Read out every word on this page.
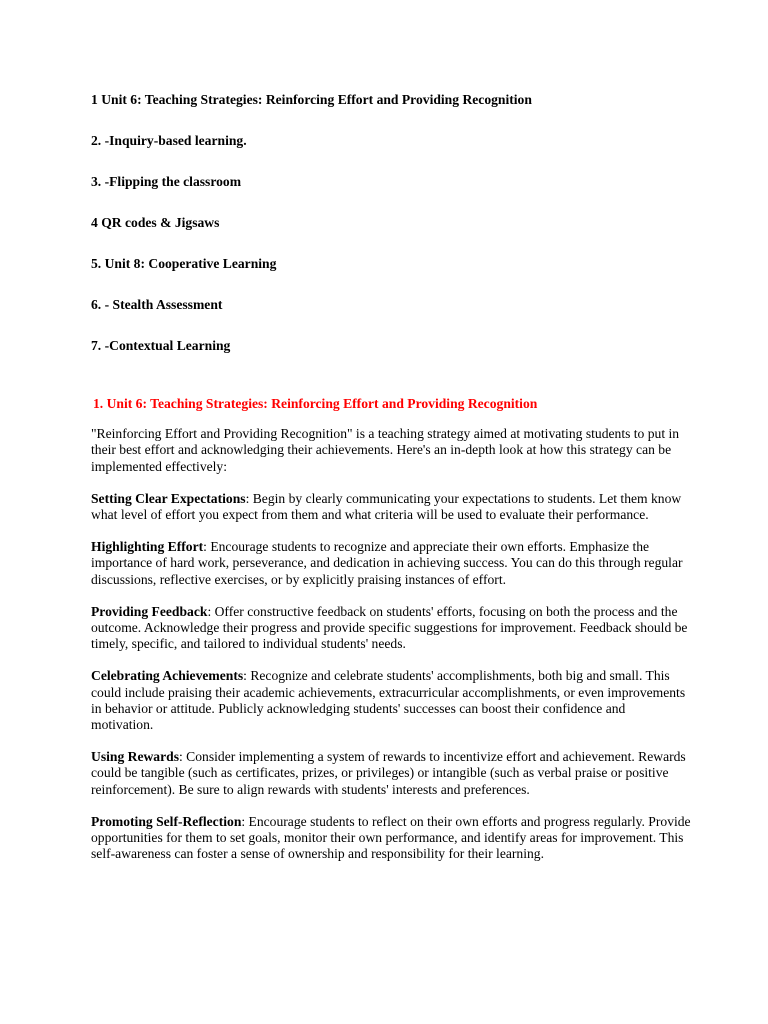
1 Unit 6: Teaching Strategies: Reinforcing Effort and Providing Recognition
2. -Inquiry-based learning.
3. -Flipping the classroom
4 QR codes & Jigsaws
5. Unit 8: Cooperative Learning
6. - Stealth Assessment
7. -Contextual Learning
1. Unit 6: Teaching Strategies: Reinforcing Effort and Providing Recognition

"Reinforcing Effort and Providing Recognition" is a teaching strategy aimed at motivating students to put in their best effort and acknowledging their achievements. Here's an in-depth look at how this strategy can be implemented effectively:

Setting Clear Expectations: Begin by clearly communicating your expectations to students. Let them know what level of effort you expect from them and what criteria will be used to evaluate their performance.

Highlighting Effort: Encourage students to recognize and appreciate their own efforts. Emphasize the importance of hard work, perseverance, and dedication in achieving success. You can do this through regular discussions, reflective exercises, or by explicitly praising instances of effort.

Providing Feedback: Offer constructive feedback on students' efforts, focusing on both the process and the outcome. Acknowledge their progress and provide specific suggestions for improvement. Feedback should be timely, specific, and tailored to individual students' needs.

Celebrating Achievements: Recognize and celebrate students' accomplishments, both big and small. This could include praising their academic achievements, extracurricular accomplishments, or even improvements in behavior or attitude. Publicly acknowledging students' successes can boost their confidence and motivation.

Using Rewards: Consider implementing a system of rewards to incentivize effort and achievement. Rewards could be tangible (such as certificates, prizes, or privileges) or intangible (such as verbal praise or positive reinforcement). Be sure to align rewards with students' interests and preferences.

Promoting Self-Reflection: Encourage students to reflect on their own efforts and progress regularly. Provide opportunities for them to set goals, monitor their own performance, and identify areas for improvement. This self-awareness can foster a sense of ownership and responsibility for their learning.
